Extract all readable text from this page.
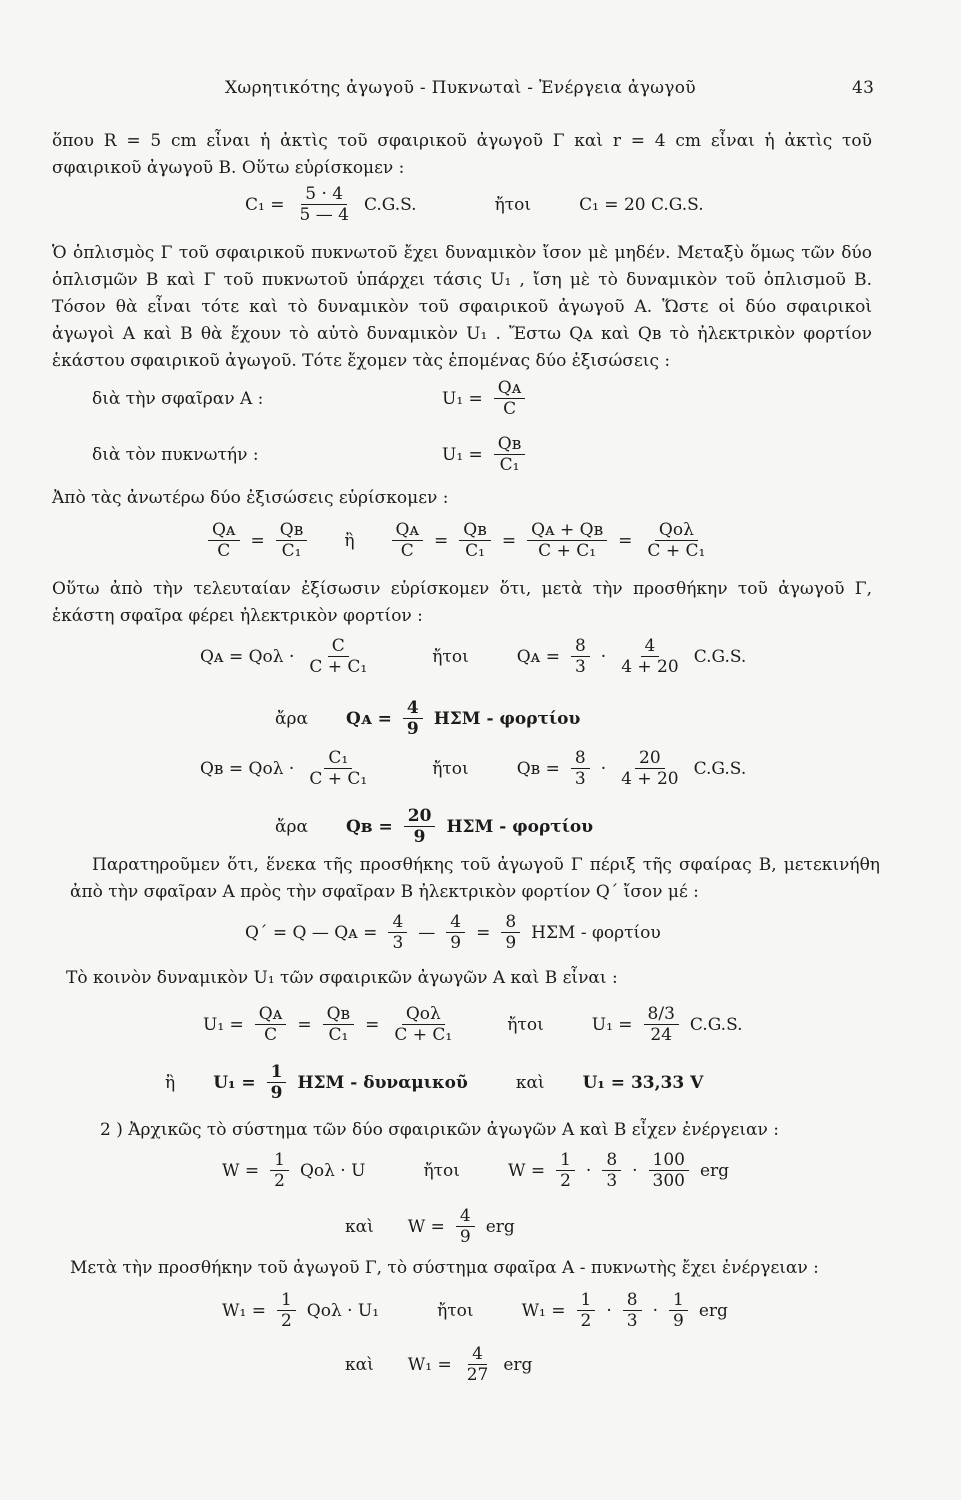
Χωρητικότης ἀγωγοῦ - Πυκνωταὶ - Ἐνέργεια ἀγωγοῦ	43
ὅπου R = 5 cm εἶναι ἡ ἀκτὶς τοῦ σφαιρικοῦ ἀγωγοῦ Γ καὶ r = 4 cm εἶναι ἡ ἀκτὶς τοῦ σφαιρικοῦ ἀγωγοῦ Β. Οὕτω εὑρίσκομεν :
$C_1 = \frac{5 \cdot 4}{5 — 4} C.G.S$.	ἤτοι	C₁ = 20 C.G.S.
Ὁ ὁπλισμὸς Γ τοῦ σφαιρικοῦ πυκνωτοῦ ἔχει δυναμικὸν ἴσον μὲ μηδέν. Μεταξὺ ὅμως τῶν δύο ὁπλισμῶν Β καὶ Γ τοῦ πυκνωτοῦ ὑπάρχει τάσις U₁ , ἴση μὲ τὸ δυναμικὸν τοῦ ὁπλισμοῦ Β. Τόσον θὰ εἶναι τότε καὶ τὸ δυναμικὸν τοῦ σφαιρικοῦ ἀγωγοῦ Α. Ὥστε οἱ δύο σφαιρικοὶ ἀγωγοὶ Α καὶ Β θὰ ἔχουν τὸ αὐτὸ δυναμικὸν U₁ . Ἔστω Qᴀ καὶ Qʙ τὸ ἠλεκτρικὸν φορτίον ἑκάστου σφαιρικοῦ ἀγωγοῦ. Τότε ἔχομεν τὰς ἑπομένας δύο ἐξισώσεις :
διὰ τὴν σφαῖραν Α :	$U_1 = \frac{\text{Qᴀ}}{C}$
διὰ τὸν πυκνωτήν :	$U_1 = \frac{\text{Qʙ}}{\text{C₁}}$
Ἀπὸ τὰς ἀνωτέρω δύο ἐξισώσεις εὑρίσκομεν :
$\frac{\text{Qᴀ}}{C} = \frac{\text{Qʙ}}{\text{C₁}}$ ἢ $\frac{\text{Qᴀ}}{C} = \frac{\text{Qʙ}}{\text{C₁}} = \frac{\text{Qᴀ + Qʙ}}{\text{C + C₁}}$ =
Qολ
C + C₁
Οὕτω ἀπὸ τὴν τελευταίαν ἐξίσωσιν εὑρίσκομεν ὅτι, μετὰ τὴν προσθήκην τοῦ ἀγωγοῦ Γ, ἑκάστη σφαῖρα φέρει ἠλεκτρικὸν φορτίον :
Qᴀ = $Qo\lambda \cdot \frac{C}{\text{C + C₁}}$	ἤτοι	Qᴀ = $\frac{8}{3} \cdot \frac{4}{4 + 20} C.G.S$.
ἄρα Qᴀ = $\frac{4}{9}$ ΗΣΜ - φορτίου
Qʙ = $Qo\lambda \cdot \frac{\text{C₁}}{\text{C + C₁}}$	ἤτοι	Qʙ = $\frac{8}{3} \cdot \frac{20}{4 + 20} C.G.S$.
ἄρα Qʙ = $\frac{20}{9}$ ΗΣΜ - φορτίου
Παρατηροῦμεν ὅτι, ἕνεκα τῆς προσθήκης τοῦ ἀγωγοῦ Γ πέριξ τῆς σφαίρας Β, μετεκινήθη ἀπὸ τὴν σφαῖραν Α πρὸς τὴν σφαῖραν Β ἠλεκτρικὸν φορτίον Q΄ ἴσον μέ :
Q΄ = Q — Qᴀ = $\frac{4}{3}$ — $\frac{4}{9} = \frac{8}{9}$ ΗΣΜ - φορτίου
Τὸ κοινὸν δυναμικὸν U₁ τῶν σφαιρικῶν ἀγωγῶν Α καὶ Β εἶναι :
$U_1 = \frac{\text{Qᴀ}}{C} = \frac{\text{Qʙ}}{\text{C₁}}$ =
Qολ
C + C₁
ἤτοι	$U_1 = \frac{8/3}{24} C.G.S$.
ἢ $U_1 = \frac{1}{9}$ ΗΣΜ - δυναμικοῦ	καὶ U₁ = 33,33 V
2 ) Ἀρχικῶς τὸ σύστημα τῶν δύο σφαιρικῶν ἀγωγῶν Α καὶ Β εἶχεν ἐνέργειαν :
$W = \frac{1}{2}$ Qολ · U	ἤτοι	$W = \frac{1}{2} \cdot \frac{8}{3} \cdot \frac{100}{300}$ erg
καὶ $W = \frac{4}{9}$ erg
Μετὰ τὴν προσθήκην τοῦ ἀγωγοῦ Γ, τὸ σύστημα σφαῖρα Α - πυκνωτὴς ἔχει ἐνέργειαν :
$W_1 = \frac{1}{2}$ Qολ · U₁	ἤτοι	$W_1 = \frac{1}{2} \cdot \frac{8}{3} \cdot \frac{1}{9}$ erg
καὶ $W_1 = \frac{4}{27}$ erg
